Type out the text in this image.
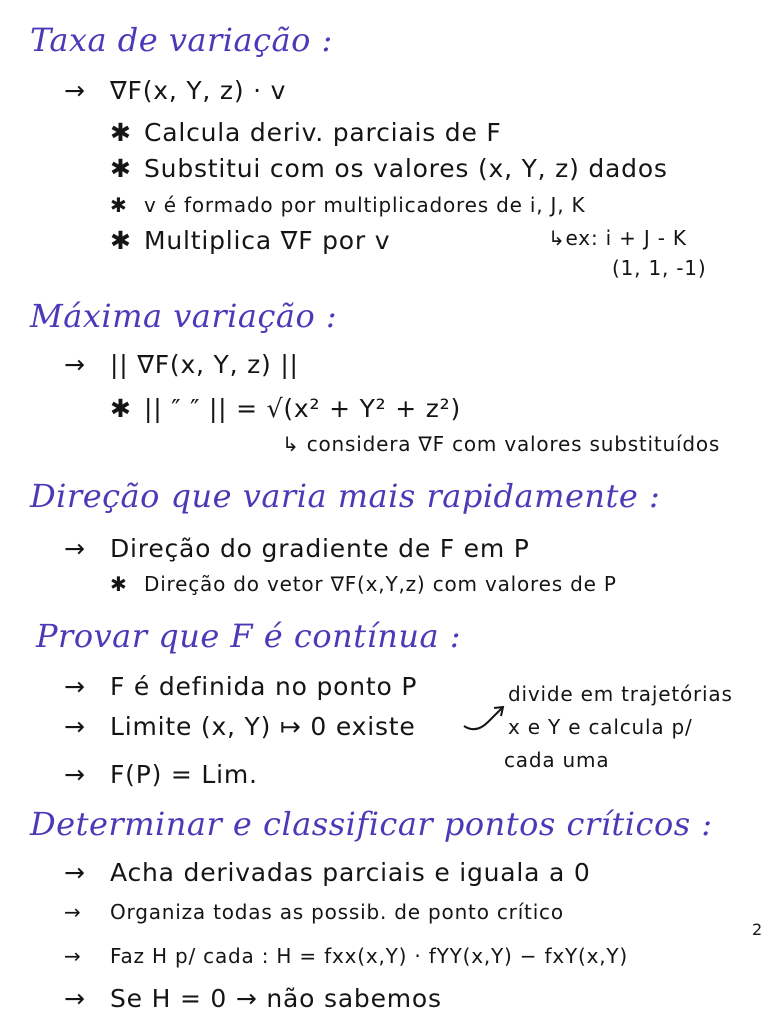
Taxa de variação :
→ ∇F(x, Y, z) · v
✱ Calcula deriv. parciais de F
✱ Substitui com os valores (x, Y, z) dados
✱ v é formado por multiplicadores de i, J, K
✱ Multiplica ∇F por v	↳ex: i + J - K
(1, 1, -1)
Máxima variação :
→ || ∇F(x, Y, z) ||
✱ || ″ ″ || = √(x² + Y² + z²)
↳ considera ∇F com valores substituídos
Direção que varia mais rapidamente :
→ Direção do gradiente de F em P
✱ Direção do vetor ∇F(x,Y,z) com valores de P
Provar que F é contínua :
→ F é definida no ponto P
→ Limite (x, Y) ↦ 0 existe
divide em trajetórias
x e Y e calcula p/
cada uma
→ F(P) = Lim.
Determinar e classificar pontos críticos :
→ Acha derivadas parciais e iguala a 0
→ Organiza todas as possib. de ponto crítico
→ Faz H p/ cada : H = fxx(x,Y) · fYY(x,Y) − fxY(x,Y)
2
→ Se H = 0 → não sabemos
